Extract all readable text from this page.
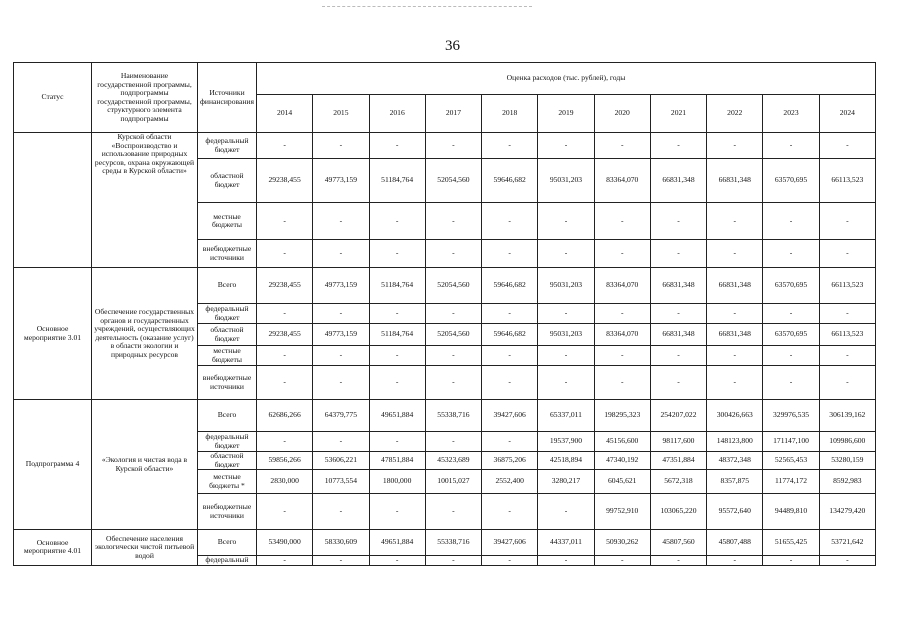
36
Статус	Наименование государственной программы, подпрограммы государственной программы, структурного элемента подпрограммы	Источники финансирования	Оценка расходов (тыс. рублей), годы										
			2014	2015	2016	2017	2018	2019	2020	2021	2022	2023	2024
	Курской области «Воспроизводство и использование природных ресурсов, охрана окружающей среды в Курской области»	федеральный бюджет	-	-	-	-	-	-	-	-	-	-	-
		областной бюджет	29238,455	49773,159	51184,764	52054,560	59646,682	95031,203	83364,070	66831,348	66831,348	63570,695	66113,523
		местные бюджеты	-	-	-	-	-	-	-	-	-	-	-
		внебюджетные источники	-	-	-	-	-	-	-	-	-	-	-
Основное мероприятие 3.01	Обеспечение государственных органов и государственных учреждений, осуществляющих деятельность (оказание услуг) в области экологии и природных ресурсов	Всего	29238,455	49773,159	51184,764	52054,560	59646,682	95031,203	83364,070	66831,348	66831,348	63570,695	66113,523
		федеральный бюджет	-	-	-	-	-	-	-	-	-	-	-
		областной бюджет	29238,455	49773,159	51184,764	52054,560	59646,682	95031,203	83364,070	66831,348	66831,348	63570,695	66113,523
		местные бюджеты	-	-	-	-	-	-	-	-	-	-	-
		внебюджетные источники	-	-	-	-	-	-	-	-	-	-	-
Подпрограмма 4	«Экология и чистая вода в Курской области»	Всего	62686,266	64379,775	49651,884	55338,716	39427,606	65337,011	198295,323	254207,022	300426,663	329976,535	306139,162
		федеральный бюджет	-	-	-	-	-	19537,900	45156,600	98117,600	148123,800	171147,100	109986,600
		областной бюджет	59856,266	53606,221	47851,884	45323,689	36875,206	42518,894	47340,192	47351,884	48372,348	52565,453	53280,159
		местные бюджеты *	2830,000	10773,554	1800,000	10015,027	2552,400	3280,217	6045,621	5672,318	8357,875	11774,172	8592,983
		внебюджетные источники	-	-	-	-	-	-	99752,910	103065,220	95572,640	94489,810	134279,420
Основное мероприятие 4.01	Обеспечение населения экологически чистой питьевой водой	Всего	53490,000	58330,609	49651,884	55338,716	39427,606	44337,011	50930,262	45807,560	45807,488	51655,425	53721,642
		федеральный	-	-	-	-	-	-	-	-	-	-	-
